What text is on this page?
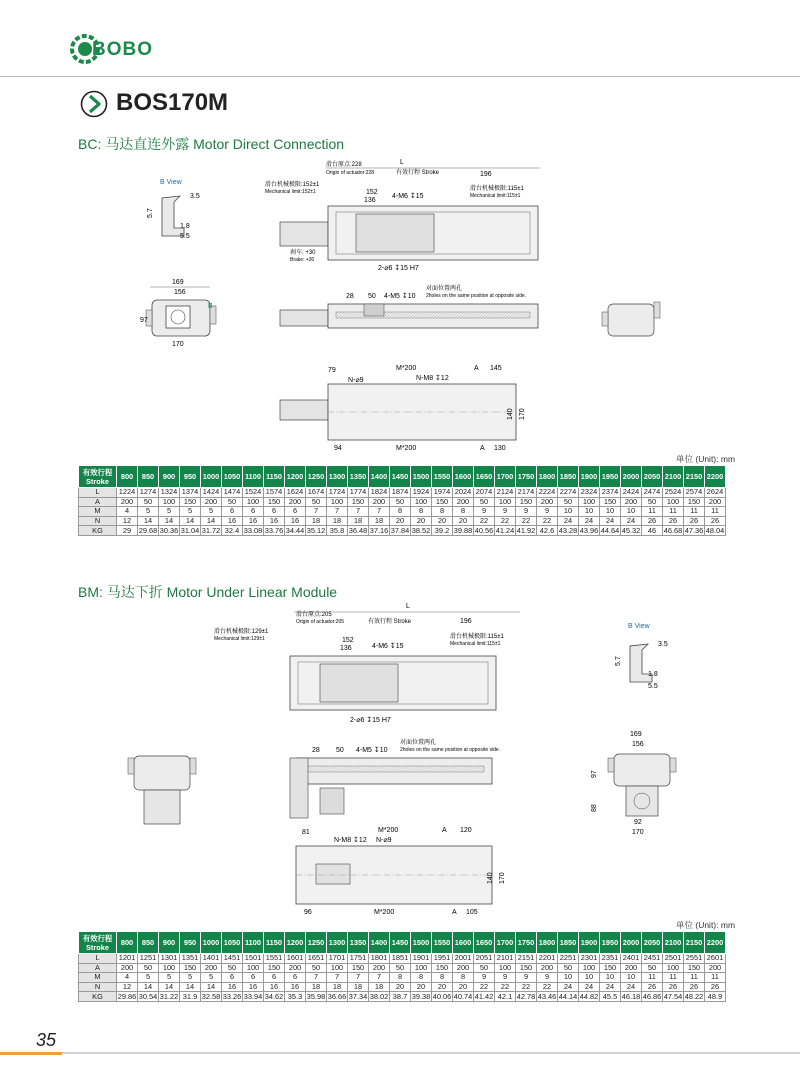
BOBO
BOS170M
BC: 马达直连外露 Motor Direct Connection
B View
3.5
5.7
1.8
5.5
169
156
B
97
170
L
滑台原点:228
Origin of actuator:228	有效行程 Stroke	196
滑台机械极限:152±1
Mechanical limit:152±1	滑台机械极限:115±1
Mechanical limit:115±1
152
136
4-M6 ↧15
刹车: +30
Brake: +30
2-⌀6 ↧15 H7
28 50 4-M5 ↧10
对面位置两孔
2holes on the same position at opposite side.
79
N-⌀9
M*200	A 145
N-M8 ↧12
140 170
94	M*200	A 130
单位 (Unit): mm
有效行程 Stroke	800	850	900	950	1000	1050	1100	1150	1200	1250	1300	1350	1400	1450	1500	1550	1600	1650	1700	1750	1800	1850	1900	1950	2000	2050	2100	2150	2200
L	1224	1274	1324	1374	1424	1474	1524	1574	1624	1674	1724	1774	1824	1874	1924	1974	2024	2074	2124	2174	2224	2274	2324	2374	2424	2474	2524	2574	2624
A	200	50	100	150	200	50	100	150	200	50	100	150	200	50	100	150	200	50	100	150	200	50	100	150	200	50	100	150	200
M	4	5	5	5	5	6	6	6	6	7	7	7	7	8	8	8	8	9	9	9	9	10	10	10	10	11	11	11	11
N	12	14	14	14	14	16	16	16	16	18	18	18	18	20	20	20	20	22	22	22	22	24	24	24	24	26	26	26	26
KG	29	29.68	30.36	31.04	31.72	32.4	33.08	33.76	34.44	35.12	35.8	36.48	37.16	37.84	38.52	39.2	39.88	40.56	41.24	41.92	42.6	43.28	43.96	44.64	45.32	46	46.68	47.36	48.04
BM: 马达下折 Motor Under Linear Module
L
滑台原点:205
Origin of actuator:205	有效行程 Stroke	196
滑台机械极限:129±1
Mechanical limit:129±1	滑台机械极限:115±1
Mechanical limit:115±1
152
136	4-M6 ↧15
2-⌀6 ↧15 H7
28 50 4-M5 ↧10
对面位置两孔
2holes on the same position at opposite side.
B View
3.5
5.7
1.8
5.5
169
156
97
88
92
170
81	M*200	A 120
N-M8 ↧12 N-⌀9
140 170
96	M*200	A 105
单位 (Unit): mm
有效行程 Stroke	800	850	900	950	1000	1050	1100	1150	1200	1250	1300	1350	1400	1450	1500	1550	1600	1650	1700	1750	1800	1850	1900	1950	2000	2050	2100	2150	2200
L	1201	1251	1301	1351	1401	1451	1501	1551	1601	1651	1701	1751	1801	1851	1901	1951	2001	2051	2101	2151	2201	2251	2301	2351	2401	2451	2501	2551	2601
A	200	50	100	150	200	50	100	150	200	50	100	150	200	50	100	150	200	50	100	150	200	50	100	150	200	50	100	150	200
M	4	5	5	5	5	6	6	6	6	7	7	7	7	8	8	8	8	9	9	9	9	10	10	10	10	11	11	11	11
N	12	14	14	14	14	16	16	16	16	18	18	18	18	20	20	20	20	22	22	22	22	24	24	24	24	26	26	26	26
KG	29.86	30.54	31.22	31.9	32.58	33.26	33.94	34.62	35.3	35.98	36.66	37.34	38.02	38.7	39.38	40.06	40.74	41.42	42.1	42.78	43.46	44.14	44.82	45.5	46.18	46.86	47.54	48.22	48.9
35
